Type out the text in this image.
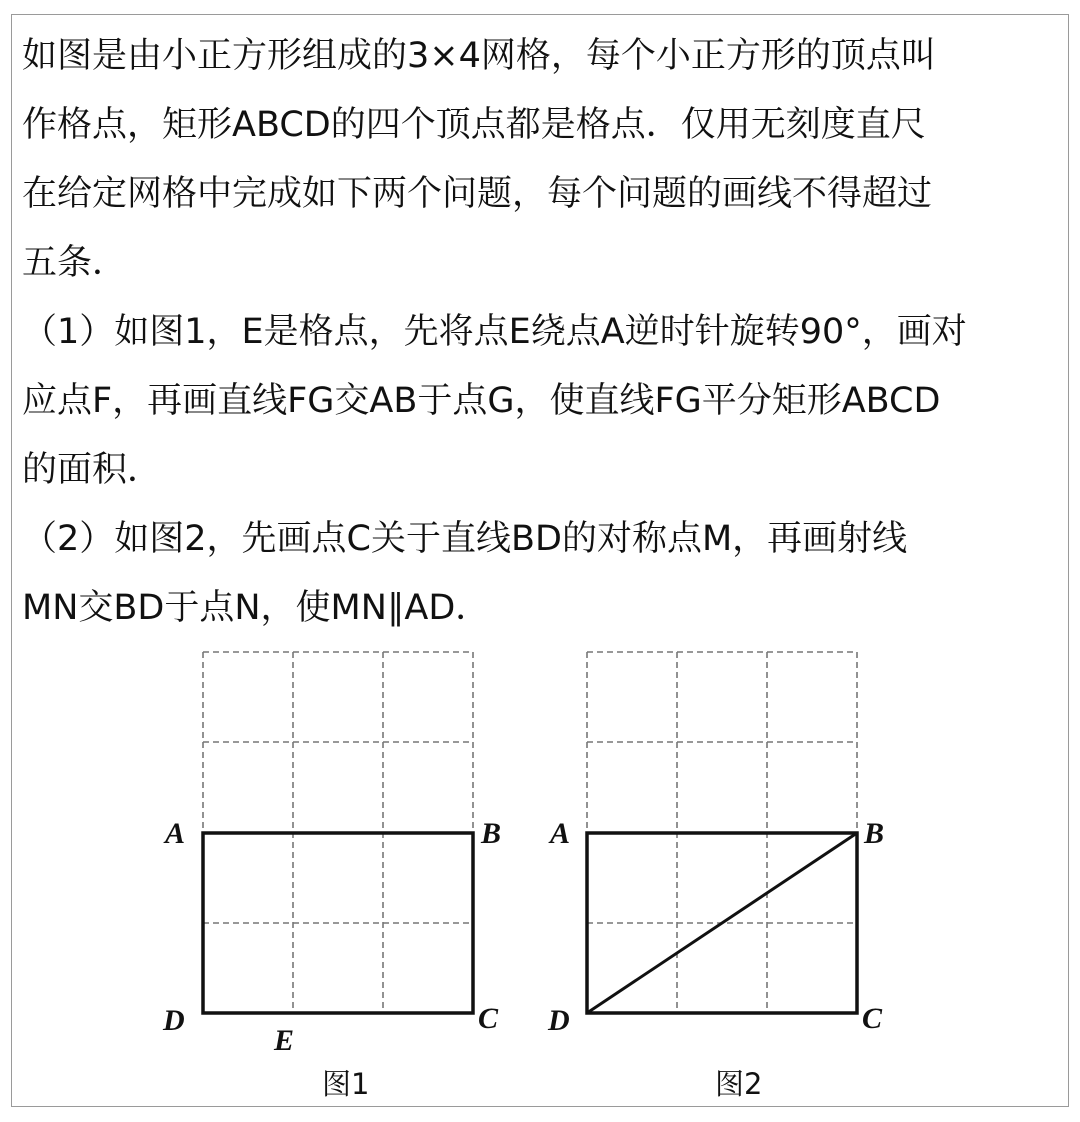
如图是由小正方形组成的3×4网格，每个小正方形的顶点叫
作格点，矩形ABCD的四个顶点都是格点．仅用无刻度直尺
在给定网格中完成如下两个问题，每个问题的画线不得超过
五条．
（1）如图1，E是格点，先将点E绕点A逆时针旋转90°，画对
应点F，再画直线FG交AB于点G，使直线FG平分矩形ABCD
的面积．
（2）如图2，先画点C关于直线BD的对称点M，再画射线
MN交BD于点N，使MN∥AD．
A	B
C
D
E
图1
A	B
C
D
图2
